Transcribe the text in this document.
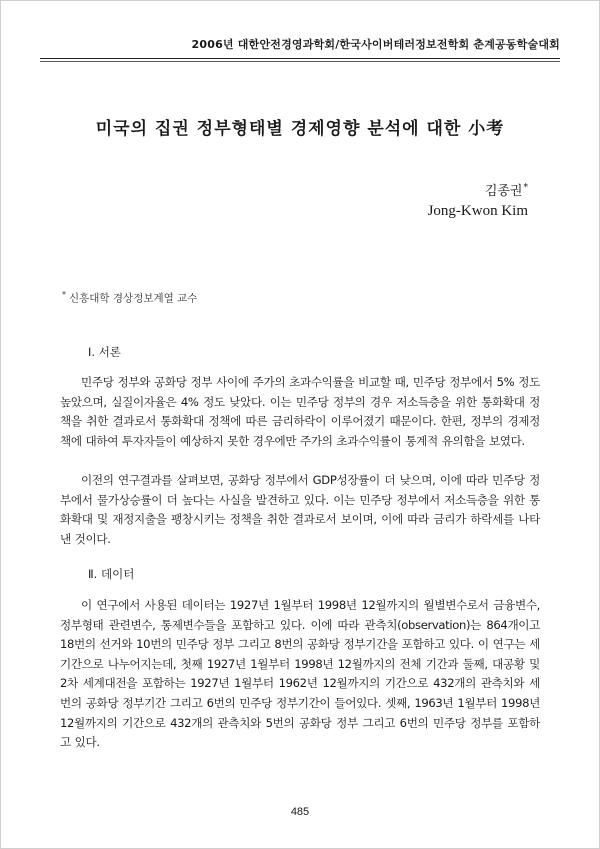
2006년 대한안전경영과학회/한국사이버테러정보전학회 춘계공동학술대회
미국의 집권 정부형태별 경제영향 분석에 대한 小考
김종권*
Jong-Kwon Kim
* 신흥대학 경상정보계열 교수
Ⅰ. 서론
민주당 정부와 공화당 정부 사이에 주가의 초과수익률을 비교할 때, 민주당 정부에서 5% 정도 높았으며, 실질이자율은 4% 정도 낮았다. 이는 민주당 정부의 경우 저소득층을 위한 통화확대 정책을 취한 결과로서 통화확대 정책에 따른 금리하락이 이루어졌기 때문이다. 한편, 정부의 경제정책에 대하여 투자자들이 예상하지 못한 경우에만 주가의 초과수익률이 통계적 유의함을 보였다.
이전의 연구결과를 살펴보면, 공화당 정부에서 GDP성장률이 더 낮으며, 이에 따라 민주당 정부에서 물가상승률이 더 높다는 사실을 발견하고 있다. 이는 민주당 정부에서 저소득층을 위한 통화확대 및 재정지출을 팽창시키는 정책을 취한 결과로서 보이며, 이에 따라 금리가 하락세를 나타낸 것이다.
Ⅱ. 데이터
이 연구에서 사용된 데이터는 1927년 1월부터 1998년 12월까지의 월별변수로서 금융변수, 정부형태 관련변수, 통제변수들을 포함하고 있다. 이에 따라 관측치(observation)는 864개이고 18번의 선거와 10번의 민주당 정부 그리고 8번의 공화당 정부기간을 포함하고 있다. 이 연구는 세기간으로 나누어지는데, 첫째 1927년 1월부터 1998년 12월까지의 전체 기간과 둘째, 대공황 및 2차 세계대전을 포함하는 1927년 1월부터 1962년 12월까지의 기간으로 432개의 관측치와 세 번의 공화당 정부기간 그리고 6번의 민주당 정부기간이 들어있다. 셋째, 1963년 1월부터 1998년 12월까지의 기간으로 432개의 관측치와 5번의 공화당 정부 그리고 6번의 민주당 정부를 포함하고 있다.
485
